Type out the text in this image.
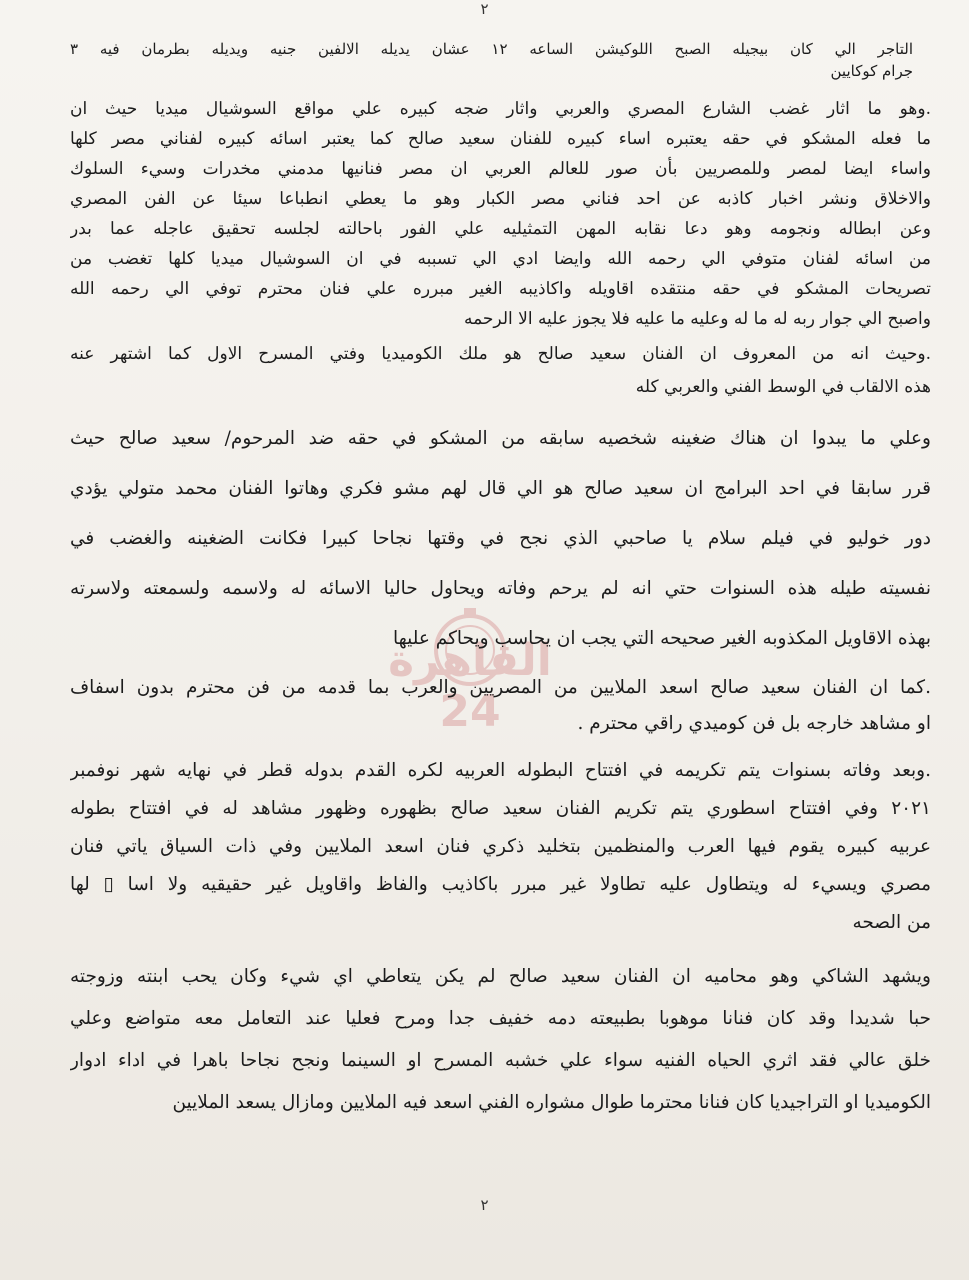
٢
القاهرة 24
التاجر الي كان بيجيله الصبح اللوكيشن الساعه ١٢ عشان يديله الالفين جنيه ويديله بطرمان فيه ٣
جرام كوكايين
.وهو ما اثار غضب الشارع المصري والعربي واثار ضجه كبيره علي مواقع السوشيال ميديا حيث ان
ما فعله المشكو في حقه يعتبره اساء كبيره للفنان سعيد صالح كما يعتبر اسائه كبيره لفناني مصر كلها
واساء ايضا لمصر وللمصريين بأن صور للعالم العربي ان مصر فنانيها مدمني مخدرات وسيء السلوك
والاخلاق ونشر اخبار كاذبه عن احد فناني مصر الكبار وهو ما يعطي انطباعا سيئا عن الفن المصري
وعن ابطاله ونجومه وهو دعا نقابه المهن التمثيليه علي الفور باحالته لجلسه تحقيق عاجله عما بدر
من اسائه لفنان متوفي الي رحمه الله وايضا ادي الي تسببه في ان السوشيال ميديا كلها تغضب من
تصريحات المشكو في حقه منتقده اقاويله واكاذيبه الغير مبرره علي فنان محترم توفي الي رحمه الله
واصبح الي جوار ربه له ما له وعليه ما عليه فلا يجوز عليه الا الرحمه
.وحيث انه من المعروف ان الفنان سعيد صالح هو ملك الكوميديا وفتي المسرح الاول كما اشتهر عنه
هذه الالقاب في الوسط الفني والعربي كله
وعلي ما يبدوا ان هناك ضغينه شخصيه سابقه من المشكو في حقه ضد المرحوم/ سعيد صالح حيث
قرر سابقا في احد البرامج ان سعيد صالح هو الي قال لهم مشو فكري وهاتوا الفنان محمد متولي يؤدي
دور خوليو في فيلم سلام يا صاحبي الذي نجح في وقتها نجاحا كبيرا فكانت الضغينه والغضب في
نفسيته طيله هذه السنوات حتي انه لم يرحم وفاته ويحاول حاليا الاسائه له ولاسمه ولسمعته ولاسرته
بهذه الاقاويل المكذوبه الغير صحيحه التي يجب ان يحاسب ويحاكم عليها
.كما ان الفنان سعيد صالح اسعد الملايين من المصريين والعرب بما قدمه من فن محترم بدون اسفاف
او مشاهد خارجه بل فن كوميدي راقي محترم .
.وبعد وفاته بسنوات يتم تكريمه في افتتاح البطوله العربيه لكره القدم بدوله قطر في نهايه شهر نوفمبر
٢٠٢١ وفي افتتاح اسطوري يتم تكريم الفنان سعيد صالح بظهوره وظهور مشاهد له في افتتاح بطوله
عربيه كبيره يقوم فيها العرب والمنظمين بتخليد ذكري فنان اسعد الملايين وفي ذات السياق ياتي فنان
مصري ويسيء له ويتطاول عليه تطاولا غير مبرر باكاذيب والفاظ واقاويل غير حقيقيه ولا اسا ▯ لها
من الصحه
ويشهد الشاكي وهو محاميه ان الفنان سعيد صالح لم يكن يتعاطي اي شيء وكان يحب ابنته وزوجته
حبا شديدا وقد كان فنانا موهوبا بطبيعته دمه خفيف جدا ومرح فعليا عند التعامل معه متواضع وعلي
خلق عالي فقد اثري الحياه الفنيه سواء علي خشبه المسرح او السينما ونجح نجاحا باهرا في اداء ادوار
الكوميديا او التراجيديا كان فنانا محترما طوال مشواره الفني اسعد فيه الملايين ومازال يسعد الملايين
٢
